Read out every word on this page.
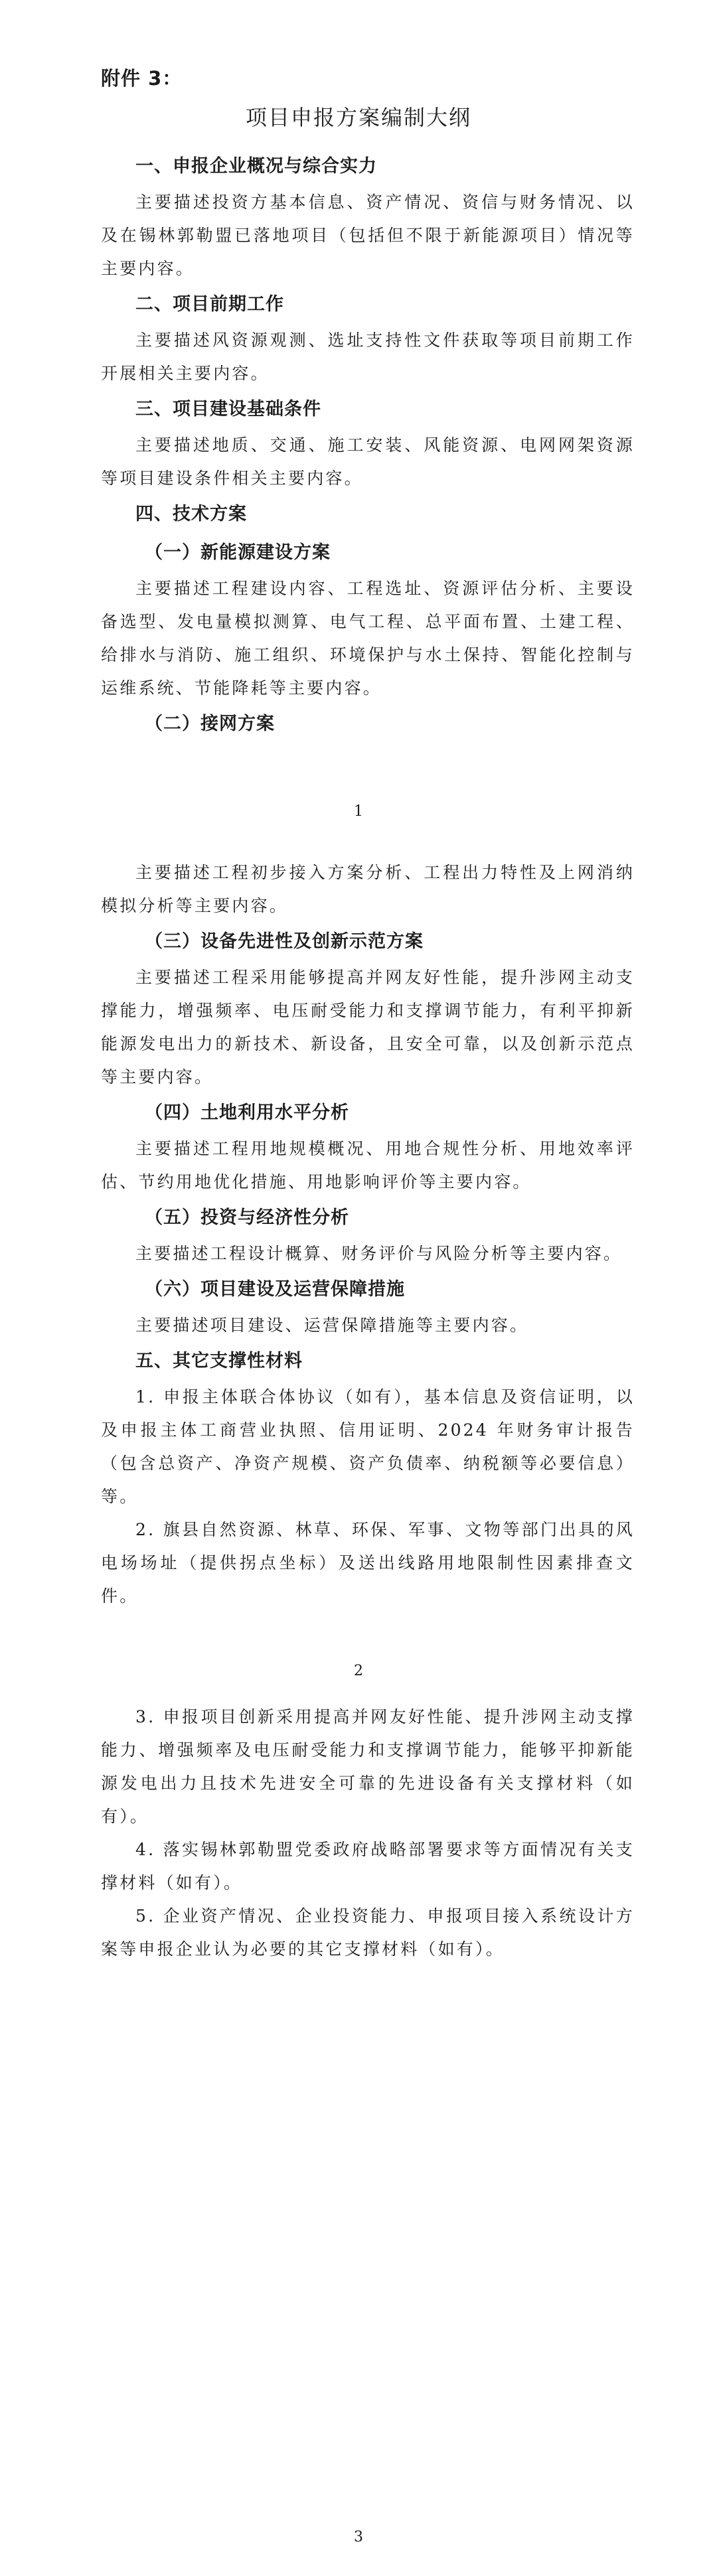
附件 3：
项目申报方案编制大纲
一、申报企业概况与综合实力
主要描述投资方基本信息、资产情况、资信与财务情况、以及在锡林郭勒盟已落地项目（包括但不限于新能源项目）情况等主要内容。
二、项目前期工作
主要描述风资源观测、选址支持性文件获取等项目前期工作开展相关主要内容。
三、项目建设基础条件
主要描述地质、交通、施工安装、风能资源、电网网架资源等项目建设条件相关主要内容。
四、技术方案
（一）新能源建设方案
主要描述工程建设内容、工程选址、资源评估分析、主要设备选型、发电量模拟测算、电气工程、总平面布置、土建工程、给排水与消防、施工组织、环境保护与水土保持、智能化控制与运维系统、节能降耗等主要内容。
（二）接网方案
1
主要描述工程初步接入方案分析、工程出力特性及上网消纳模拟分析等主要内容。
（三）设备先进性及创新示范方案
主要描述工程采用能够提高并网友好性能，提升涉网主动支撑能力，增强频率、电压耐受能力和支撑调节能力，有利平抑新能源发电出力的新技术、新设备，且安全可靠，以及创新示范点等主要内容。
（四）土地利用水平分析
主要描述工程用地规模概况、用地合规性分析、用地效率评估、节约用地优化措施、用地影响评价等主要内容。
（五）投资与经济性分析
主要描述工程设计概算、财务评价与风险分析等主要内容。
（六）项目建设及运营保障措施
主要描述项目建设、运营保障措施等主要内容。
五、其它支撑性材料
1. 申报主体联合体协议（如有），基本信息及资信证明，以及申报主体工商营业执照、信用证明、2024 年财务审计报告（包含总资产、净资产规模、资产负债率、纳税额等必要信息）等。
2. 旗县自然资源、林草、环保、军事、文物等部门出具的风电场场址（提供拐点坐标）及送出线路用地限制性因素排查文件。
2
3. 申报项目创新采用提高并网友好性能、提升涉网主动支撑能力、增强频率及电压耐受能力和支撑调节能力，能够平抑新能源发电出力且技术先进安全可靠的先进设备有关支撑材料（如有）。
4. 落实锡林郭勒盟党委政府战略部署要求等方面情况有关支撑材料（如有）。
5. 企业资产情况、企业投资能力、申报项目接入系统设计方案等申报企业认为必要的其它支撑材料（如有）。
3
